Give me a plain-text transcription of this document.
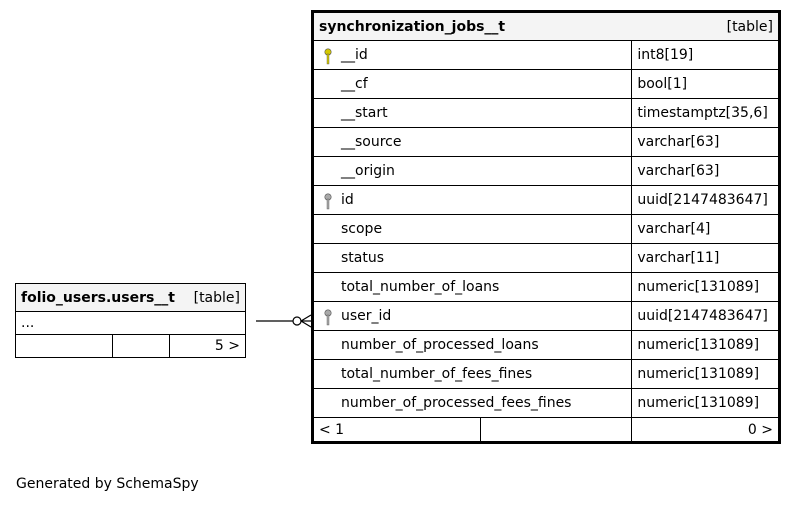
synchronization_jobs__t [table]		

__id		int8[19]
__cf		bool[1]
__start		timestamptz[35,6]
__source		varchar[63]
__origin		varchar[63]

id		uuid[2147483647]
scope		varchar[4]
status		varchar[11]
total_number_of_loans		numeric[131089]

user_id		uuid[2147483647]
number_of_processed_loans		numeric[131089]
total_number_of_fees_fines		numeric[131089]
number_of_processed_fees_fines		numeric[131089]
< 1		0 >
folio_users.users__t [table]

...
		5 >
Generated by SchemaSpy
